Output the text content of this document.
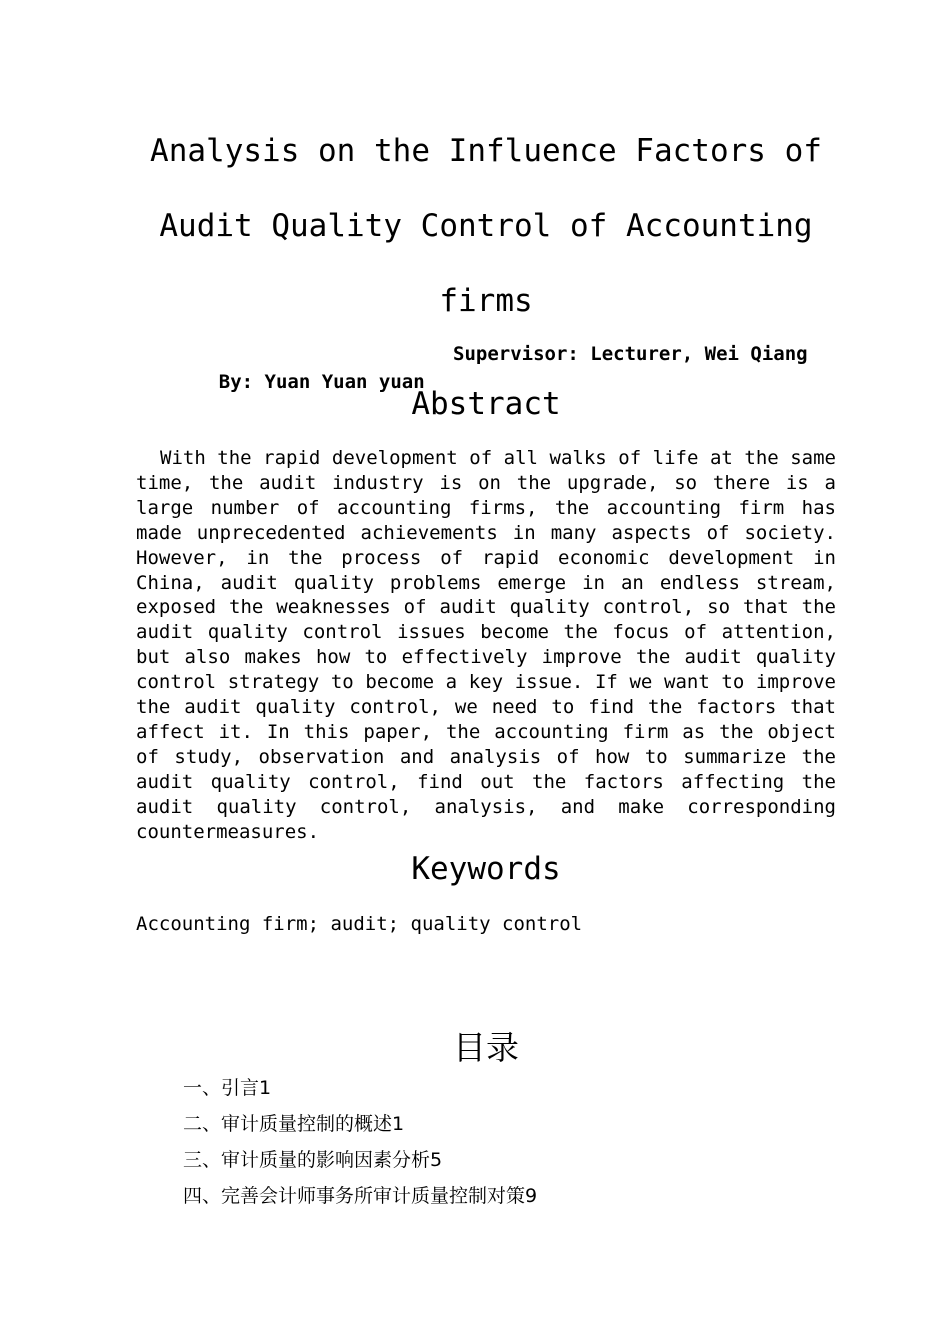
Analysis on the Influence Factors of
Audit Quality Control of Accounting
firms

By: Yuan Yuan yuan

Supervisor: Lecturer, Wei Qiang

Abstract
With the rapid development of all walks of life at the same time, the audit industry is on the upgrade, so there is a large number of accounting firms, the accounting firm has made unprecedented achievements in many aspects of society. However, in the process of rapid economic development in China, audit quality problems emerge in an endless stream, exposed the weaknesses of audit quality control, so that the audit quality control issues become the focus of attention, but also makes how to effectively improve the audit quality control strategy to become a key issue. If we want to improve the audit quality control, we need to find the factors that affect it. In this paper, the accounting firm as the object of study, observation and analysis of how to summarize the audit quality control, find out the factors affecting the audit quality control, analysis, and make corresponding countermeasures.
Keywords
Accounting firm; audit; quality control
目录
一、引言1
二、审计质量控制的概述1
三、审计质量的影响因素分析5
四、完善会计师事务所审计质量控制对策9
